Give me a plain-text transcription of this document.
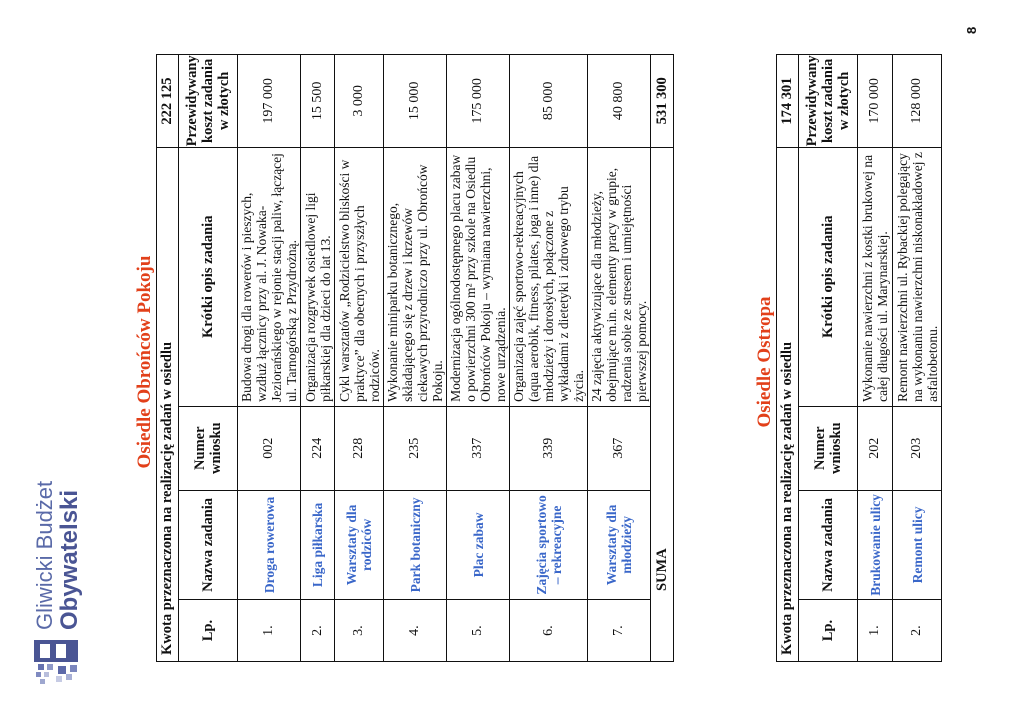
Gliwicki Budżet Obywatelski
Osiedle Obrońców Pokoju Kwota przeznaczona na realizację zadań w osiedlu
222 125
Lp.
Nazwa zadania
Numer wniosku
Krótki opis zadania
Przewidywany koszt zadania w złotych
1.
Droga rowerowa
002
Budowa drogi dla rowerów i pieszych, wzdłuż łącznicy przy al. J. Nowaka-Jeziorańskiego w rejonie stacji paliw, łączącej ul. Tarnogórską z Przydrożną.
197 000
2.
Liga piłkarska
224
Organizacja rozgrywek osiedlowej ligi piłkarskiej dla dzieci do lat 13.
15 500
3.
Warsztaty dla rodziców
228
Cykl warsztatów „Rodzicielstwo bliskości w praktyce” dla obecnych i przyszłych rodziców.
3 000
4.
Park botaniczny
235
Wykonanie miniparku botanicznego, składającego się z drzew i krzewów ciekawych przyrodniczo przy ul. Obrońców Pokoju.
15 000
5.
Plac zabaw
337
Modernizacja ogólnodostępnego placu zabaw o powierzchni 300 m² przy szkole na Osiedlu Obrońców Pokoju – wymiana nawierzchni, nowe urządzenia.
175 000
6.
Zajęcia sportowo – rekreacyjne
339
Organizacja zajęć sportowo-rekreacyjnych (aqua aerobik, fitness, pilates, joga i inne) dla młodzieży i dorosłych, połączone z wykładami z dietetyki i zdrowego trybu życia.
85 000
7.
Warsztaty dla młodzieży
367
24 zajęcia aktywizujące dla młodzieży, obejmujące m.in. elementy pracy w grupie, radzenia sobie ze stresem i umiejętności pierwszej pomocy.
40 800
SUMA
531 300
Osiedle Ostropa Kwota przeznaczona na realizację zadań w osiedlu
174 301
Lp.
Nazwa zadania
Numer wniosku
Krótki opis zadania
Przewidywany koszt zadania w złotych
1.
Brukowanie ulicy
202
Wykonanie nawierzchni z kostki brukowej na całej długości ul. Marynarskiej.
170 000
2.
Remont ulicy
203
Remont nawierzchni ul. Rybackiej polegający na wykonaniu nawierzchni niskonakładowej z asfaltobetonu.
128 000
8
